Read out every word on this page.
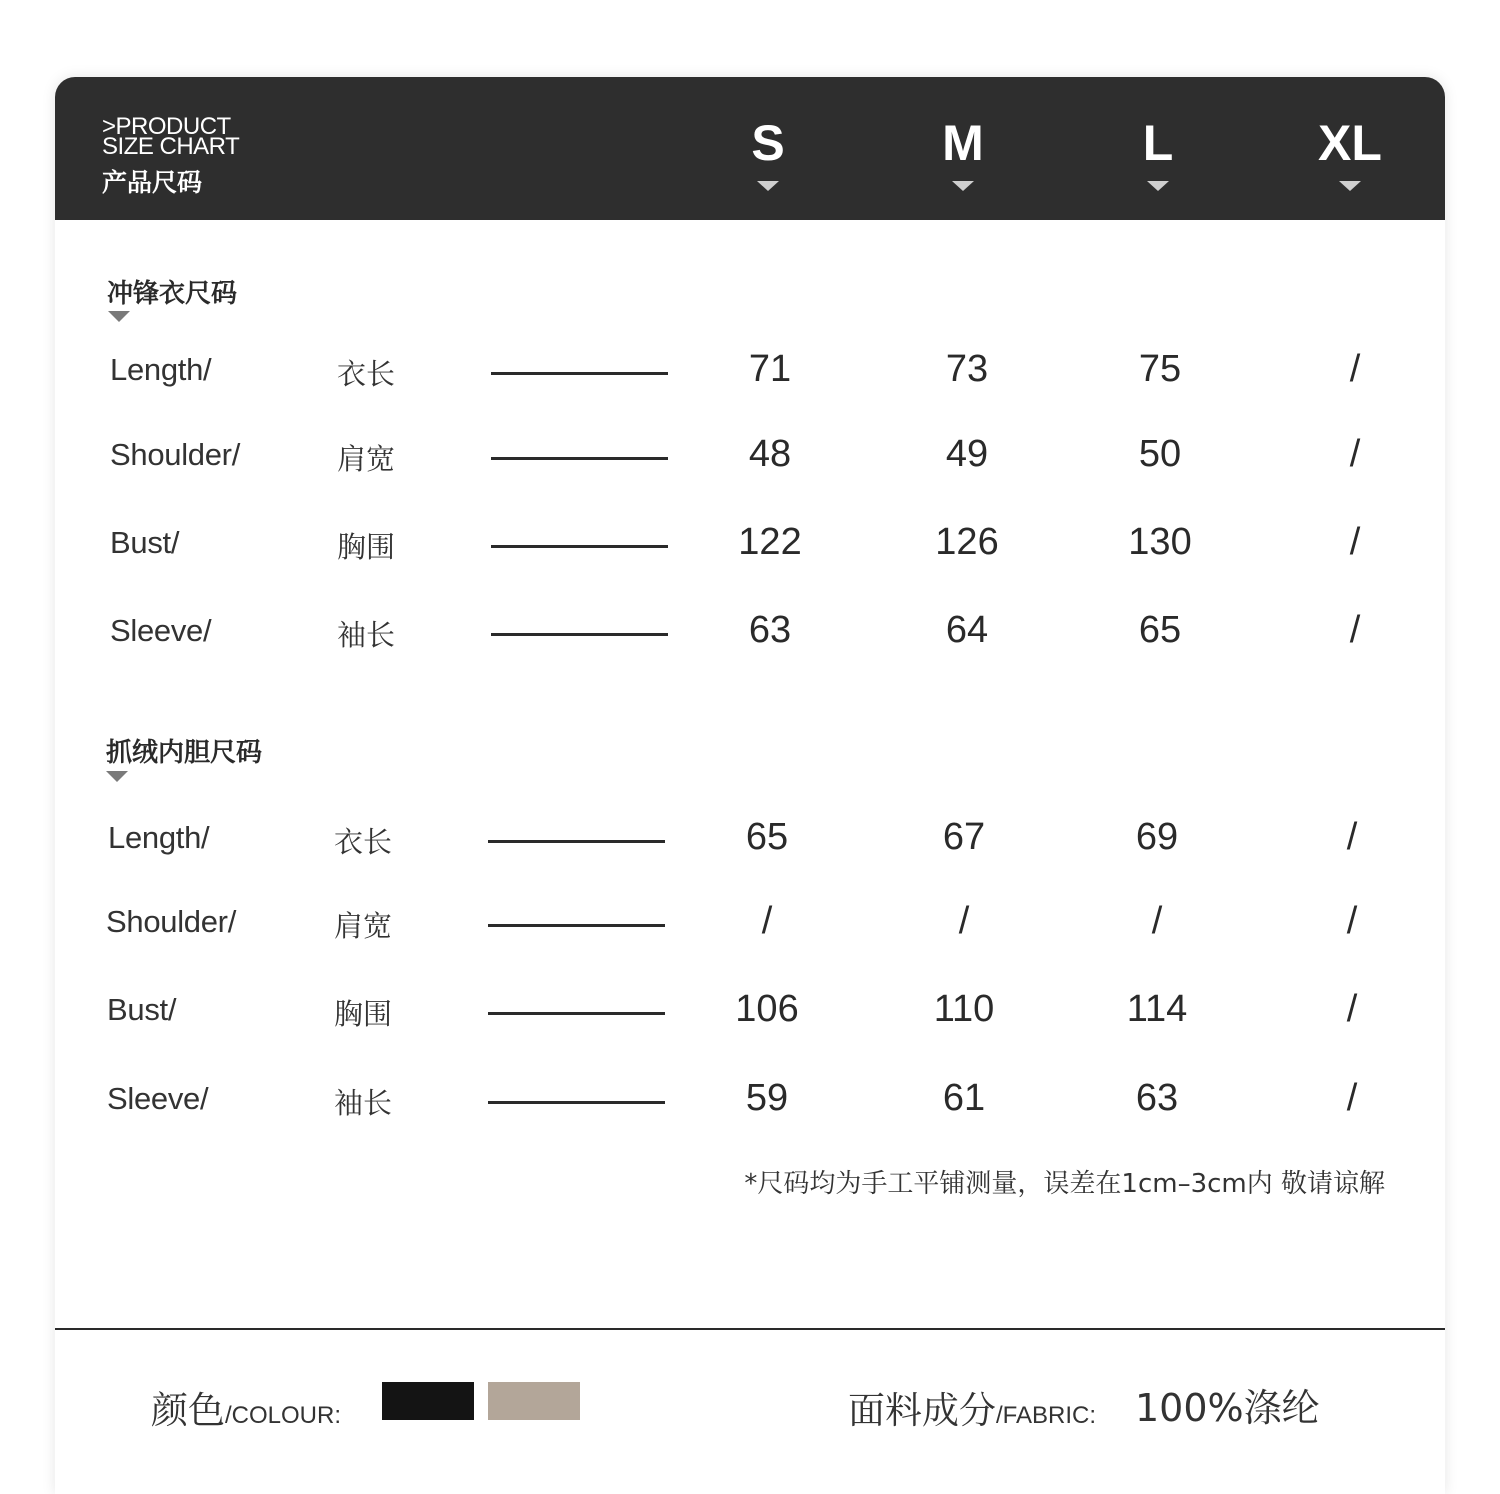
>PRODUCT
SIZE CHART
产品尺码
S	M	L	XL
冲锋衣尺码
Length/	衣长	71	73	75	/
Shoulder/	肩宽	48	49	50	/
Bust/	胸围	122	126	130	/
Sleeve/	袖长	63	64	65	/
抓绒内胆尺码
Length/	衣长	65	67	69	/
Shoulder/	肩宽	/	/	/	/
Bust/	胸围	106	110	114	/
Sleeve/	袖长	59	61	63	/
*尺码均为手工平铺测量，误差在1cm–3cm内 敬请谅解
颜色/COLOUR:	面料成分/FABRIC: 100%涤纶
